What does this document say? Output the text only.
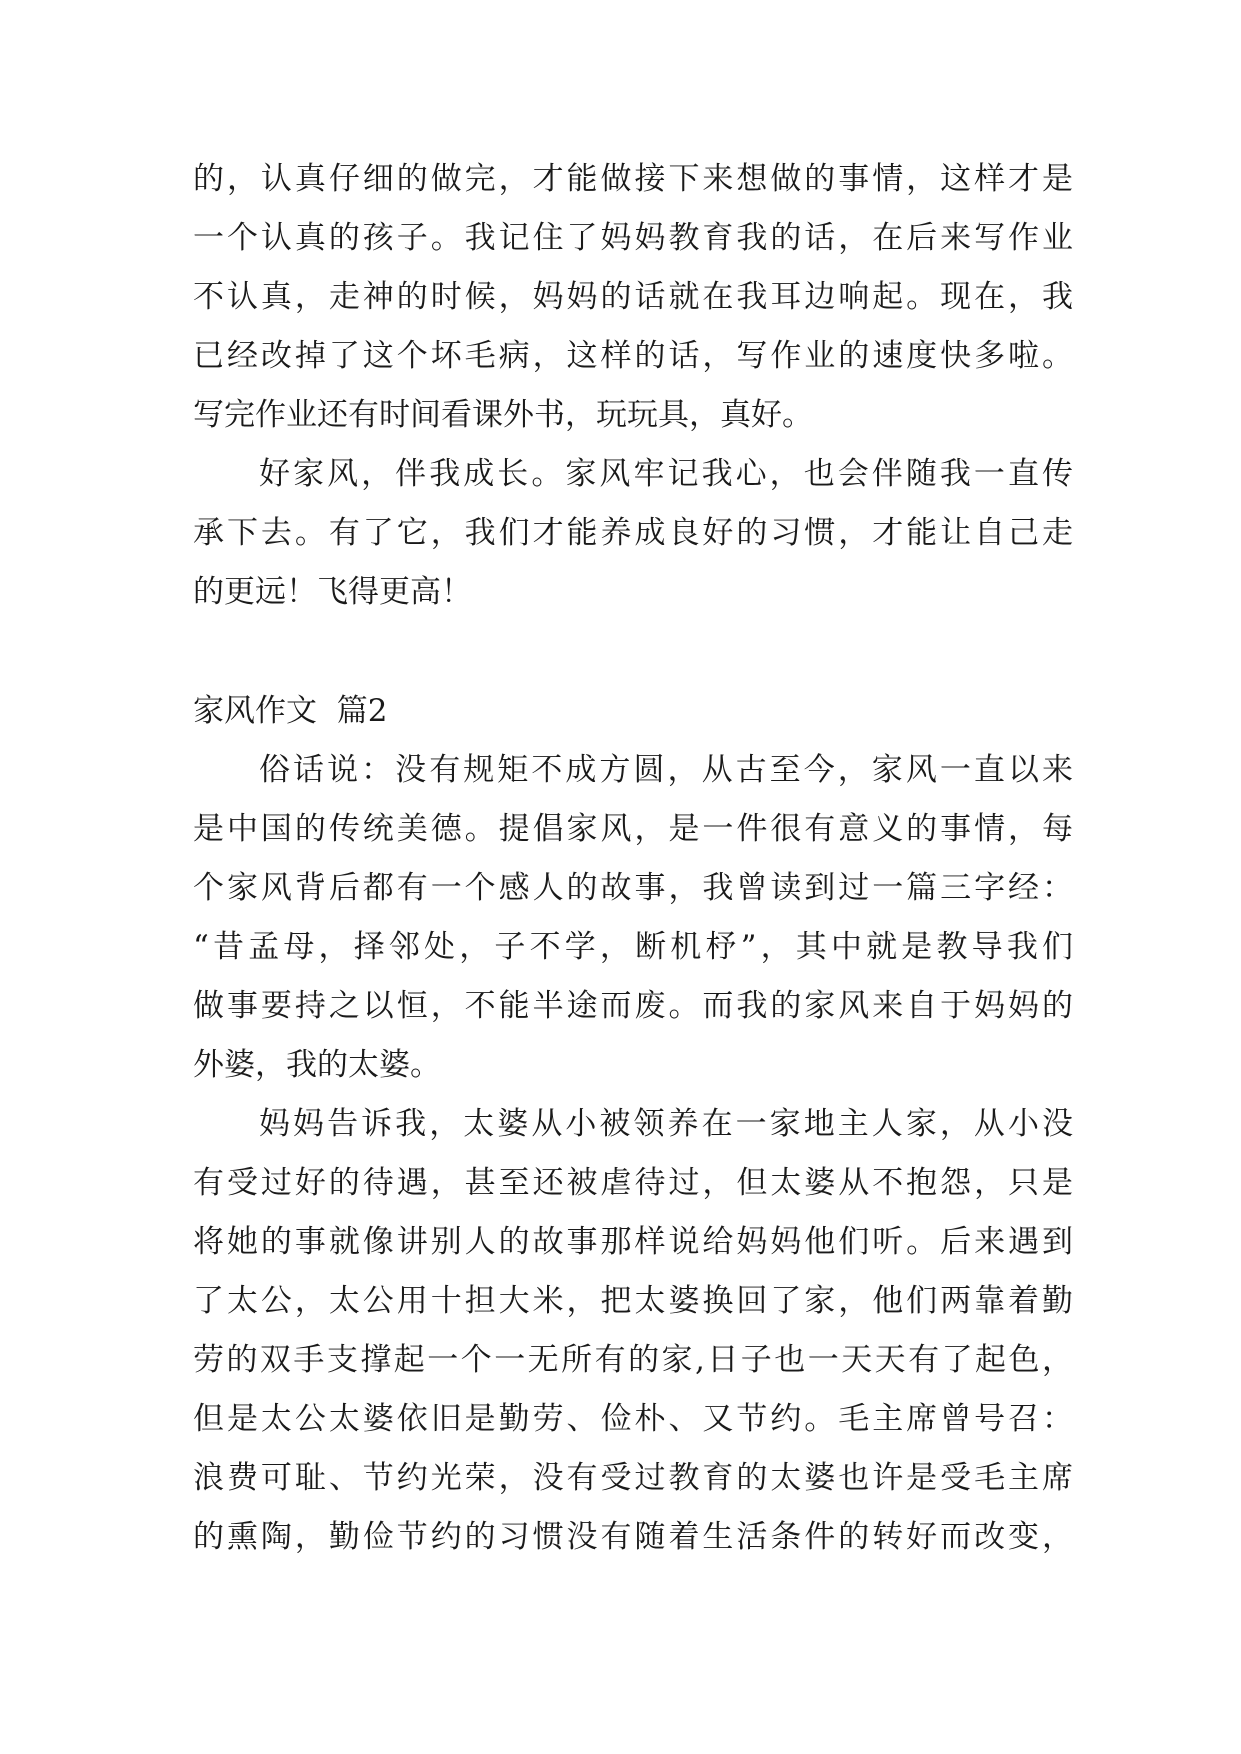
的，认真仔细的做完，才能做接下来想做的事情，这样才是
一个认真的孩子。我记住了妈妈教育我的话，在后来写作业
不认真，走神的时候，妈妈的话就在我耳边响起。现在，我
已经改掉了这个坏毛病，这样的话，写作业的速度快多啦。
写完作业还有时间看课外书，玩玩具，真好。
好家风，伴我成长。家风牢记我心，也会伴随我一直传
承下去。有了它，我们才能养成良好的习惯，才能让自己走
的更远！飞得更高！
家风作文  篇2
俗话说：没有规矩不成方圆，从古至今，家风一直以来
是中国的传统美德。提倡家风，是一件很有意义的事情，每
个家风背后都有一个感人的故事，我曾读到过一篇三字经：
“昔孟母，择邻处，子不学，断机杼”，其中就是教导我们
做事要持之以恒，不能半途而废。而我的家风来自于妈妈的
外婆，我的太婆。
妈妈告诉我，太婆从小被领养在一家地主人家，从小没
有受过好的待遇，甚至还被虐待过，但太婆从不抱怨，只是
将她的事就像讲别人的故事那样说给妈妈他们听。后来遇到
了太公，太公用十担大米，把太婆换回了家，他们两靠着勤
劳的双手支撑起一个一无所有的家,日子也一天天有了起色，
但是太公太婆依旧是勤劳、俭朴、又节约。毛主席曾号召：
浪费可耻、节约光荣，没有受过教育的太婆也许是受毛主席
的熏陶，勤俭节约的习惯没有随着生活条件的转好而改变，
